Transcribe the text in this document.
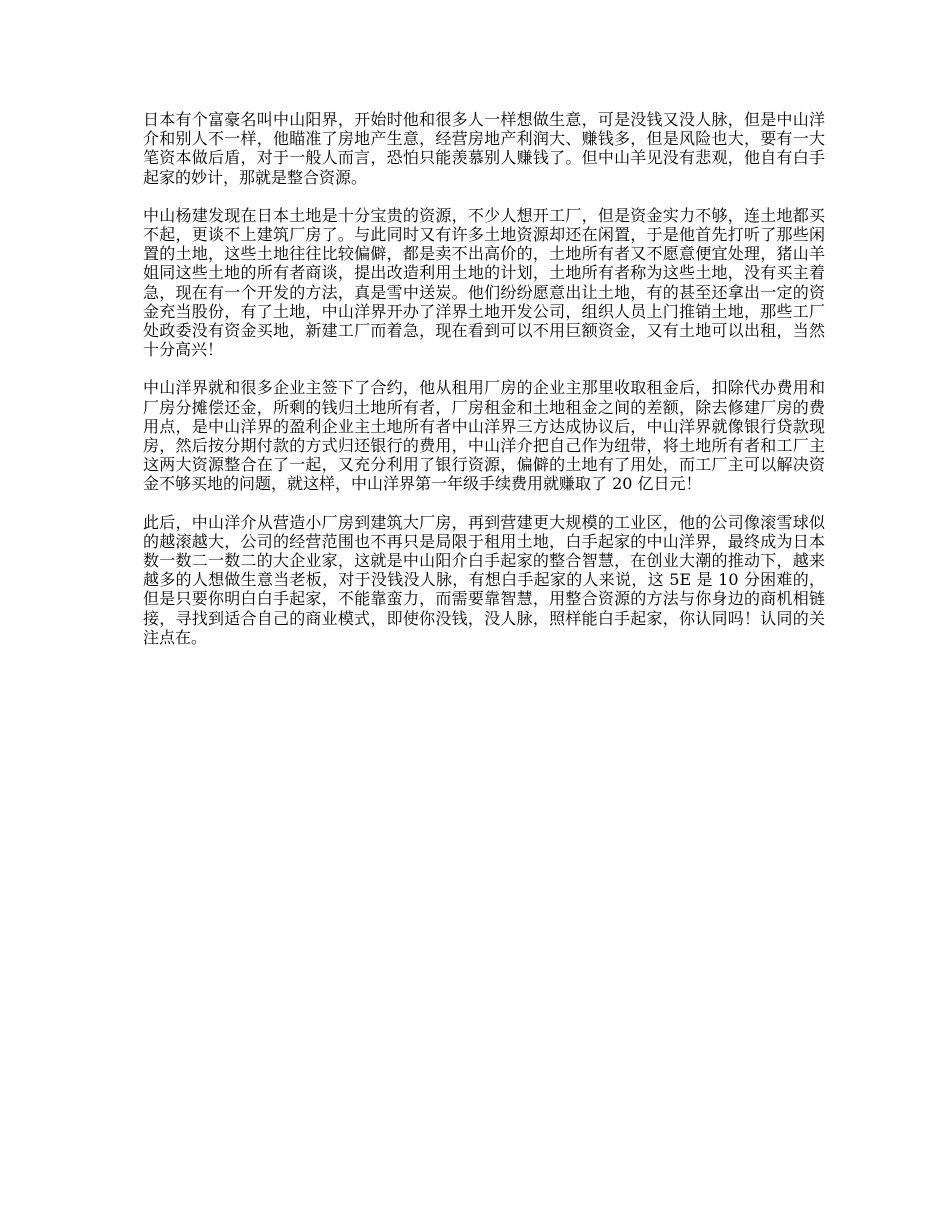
日本有个富豪名叫中山阳界，开始时他和很多人一样想做生意，可是没钱又没人脉，但是中山洋介和别人不一样，他瞄准了房地产生意，经营房地产利润大、赚钱多，但是风险也大，要有一大笔资本做后盾，对于一般人而言，恐怕只能羡慕别人赚钱了。但中山羊见没有悲观，他自有白手起家的妙计，那就是整合资源。

中山杨建发现在日本土地是十分宝贵的资源，不少人想开工厂，但是资金实力不够，连土地都买不起，更谈不上建筑厂房了。与此同时又有许多土地资源却还在闲置，于是他首先打听了那些闲置的土地，这些土地往往比较偏僻，都是卖不出高价的，土地所有者又不愿意便宜处理，猪山羊姐同这些土地的所有者商谈，提出改造利用土地的计划，土地所有者称为这些土地，没有买主着急，现在有一个开发的方法，真是雪中送炭。他们纷纷愿意出让土地，有的甚至还拿出一定的资金充当股份，有了土地，中山洋界开办了洋界土地开发公司，组织人员上门推销土地，那些工厂处政委没有资金买地，新建工厂而着急，现在看到可以不用巨额资金，又有土地可以出租，当然十分高兴！

中山洋界就和很多企业主签下了合约，他从租用厂房的企业主那里收取租金后，扣除代办费用和厂房分摊偿还金，所剩的钱归土地所有者，厂房租金和土地租金之间的差额，除去修建厂房的费用点，是中山洋界的盈利企业主土地所有者中山洋界三方达成协议后，中山洋界就像银行贷款现房，然后按分期付款的方式归还银行的费用，中山洋介把自己作为纽带，将土地所有者和工厂主这两大资源整合在了一起，又充分利用了银行资源，偏僻的土地有了用处，而工厂主可以解决资金不够买地的问题，就这样，中山洋界第一年级手续费用就赚取了 20 亿日元！

此后，中山洋介从营造小厂房到建筑大厂房，再到营建更大规模的工业区，他的公司像滚雪球似的越滚越大，公司的经营范围也不再只是局限于租用土地，白手起家的中山洋界，最终成为日本数一数二一数二的大企业家，这就是中山阳介白手起家的整合智慧，在创业大潮的推动下，越来越多的人想做生意当老板，对于没钱没人脉，有想白手起家的人来说，这 5E 是 10 分困难的，但是只要你明白白手起家，不能靠蛮力，而需要靠智慧，用整合资源的方法与你身边的商机相链接，寻找到适合自己的商业模式，即使你没钱，没人脉，照样能白手起家，你认同吗！认同的关注点在。
